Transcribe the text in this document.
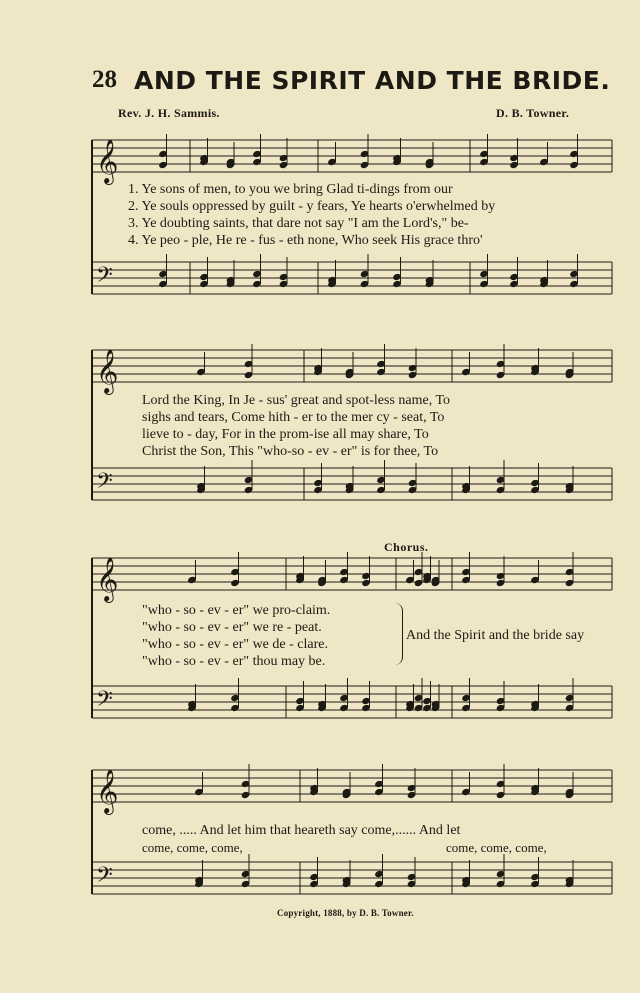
28 AND THE SPIRIT AND THE BRIDE.
Rev. J. H. Sammis.	D. B. Towner.
𝄞
𝄞
𝄞
𝄞
𝄢
𝄢
𝄢
𝄢
1. Ye sons of men, to you we bring Glad ti-dings from our
2. Ye souls oppressed by guilt - y fears, Ye hearts o'erwhelmed by
3. Ye doubting saints, that dare not say "I am the Lord's," be-
4. Ye peo - ple, He re - fus - eth none, Who seek His grace thro'
Lord the King, In Je - sus' great and spot-less name, To
sighs and tears, Come hith - er to the mer cy - seat, To
lieve to - day, For in the prom-ise all may share, To
Christ the Son, This "who-so - ev - er" is for thee, To
Chorus.
"who - so - ev - er" we pro-claim.
"who - so - ev - er" we re - peat.
"who - so - ev - er" we de - clare.
"who - so - ev - er" thou may be.
And the Spirit and the bride say
come, ..... And let him that heareth say come,...... And let
come, come, come,	come, come, come,
Copyright, 1888, by D. B. Towner.
